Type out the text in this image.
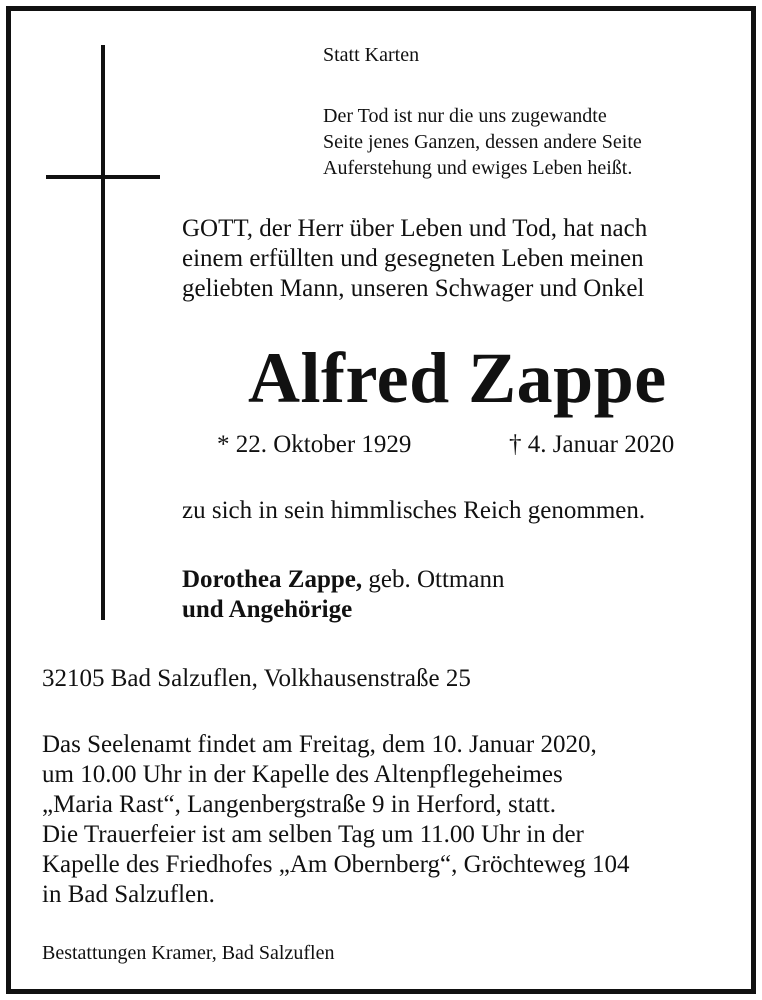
Statt Karten
Der Tod ist nur die uns zugewandte
Seite jenes Ganzen, dessen andere Seite
Auferstehung und ewiges Leben heißt.
GOTT, der Herr über Leben und Tod, hat nach
einem erfüllten und gesegneten Leben meinen
geliebten Mann, unseren Schwager und Onkel
Alfred Zappe
* 22. Oktober 1929	† 4. Januar 2020
zu sich in sein himmlisches Reich genommen.
Dorothea Zappe, geb. Ottmann
und Angehörige
32105 Bad Salzuflen, Volkhausenstraße 25
Das Seelenamt findet am Freitag, dem 10. Januar 2020,
um 10.00 Uhr in der Kapelle des Altenpflegeheimes
„Maria Rast“, Langenbergstraße 9 in Herford, statt.
Die Trauerfeier ist am selben Tag um 11.00 Uhr in der
Kapelle des Friedhofes „Am Obernberg“, Gröchteweg 104
in Bad Salzuflen.
Bestattungen Kramer, Bad Salzuflen
